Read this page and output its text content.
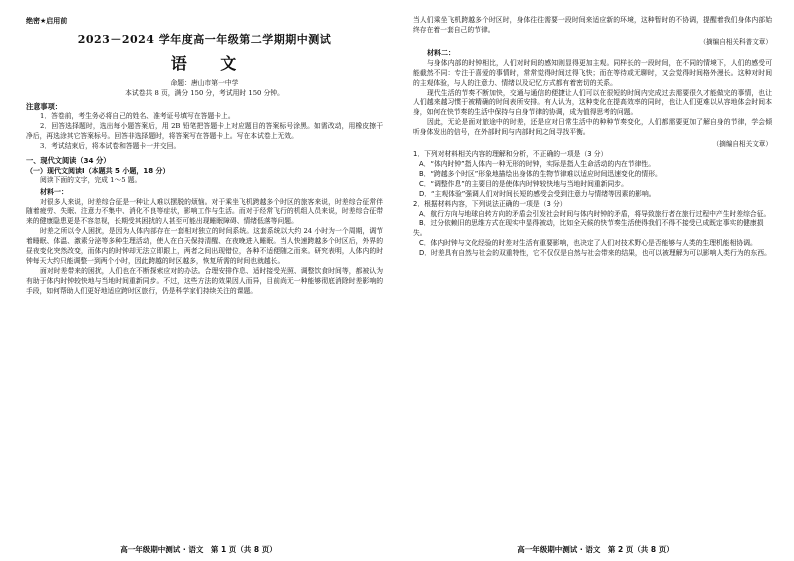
绝密★启用前
2023－2024 学年度高一年级第二学期期中测试
语 文
命题：唐山市第一中学
本试卷共 8 页，满分 150 分，考试用时 150 分钟。
注意事项：

1．答卷前，考生务必将自己的姓名、准考证号填写在答题卡上。

2．回答选择题时，选出每小题答案后，用 2B 铅笔把答题卡上对应题目的答案标号涂黑。如需改动，用橡皮擦干净后，再选涂其它答案标号。回答非选择题时，将答案写在答题卡上。写在本试卷上无效。

3．考试结束后，将本试卷和答题卡一并交回。

一、现代文阅读（34 分）
（一）现代文阅读Ⅰ（本题共 5 小题，18 分）

阅读下面的文字，完成 1～5 题。

材料一：

对很多人来说，时差综合征是一种让人难以摆脱的烦恼。对于乘坐飞机跨越多个时区的旅客来说，时差综合征常伴随着疲劳、失眠、注意力不集中、消化不良等症状，影响工作与生活。而对于经常飞行的机组人员来说，时差综合征带来的健康隐患更是不容忽视，长期受其困扰的人甚至可能出现睡眠障碍、情绪低落等问题。

时差之所以令人困扰，是因为人体内部存在一套相对独立的时间系统。这套系统以大约 24 小时为一个周期，调节着睡眠、体温、激素分泌等多种生理活动，使人在白天保持清醒、在夜晚进入睡眠。当人快速跨越多个时区后，外界的昼夜变化突然改变，而体内的时钟却无法立即跟上，两者之间出现错位，各种不适便随之而来。研究表明，人体内的时钟每天大约只能调整一到两个小时，因此跨越的时区越多，恢复所需的时间也就越长。

面对时差带来的困扰，人们也在不断探索应对的办法。合理安排作息、适时接受光照、调整饮食时间等，都被认为有助于体内时钟较快地与当地时间重新同步。不过，这些方法的效果因人而异，目前尚无一种能够彻底消除时差影响的手段，如何帮助人们更好地适应跨时区旅行，仍是科学家们持续关注的课题。

高一年级期中测试 · 语文　第 1 页（共 8 页）

当人们乘坐飞机跨越多个时区时，身体往往需要一段时间来适应新的环境，这种暂时的不协调，提醒着我们身体内部始终存在着一套自己的节律。

（摘编自相关科普文章）
材料二：

与身体内部的时钟相比，人们对时间的感知则显得更加主观。同样长的一段时间，在不同的情境下，人们的感受可能截然不同：专注于喜爱的事情时，常常觉得时间过得飞快；而在等待或无聊时，又会觉得时间格外漫长。这种对时间的主观体验，与人的注意力、情绪以及记忆方式都有着密切的关系。

现代生活的节奏不断加快，交通与通信的便捷让人们可以在很短的时间内完成过去需要很久才能做完的事情，也让人们越来越习惯于被精确的时间表所安排。有人认为，这种变化在提高效率的同时，也让人们更难以从容地体会时间本身，如何在快节奏的生活中保持与自身节律的协调，成为值得思考的问题。

因此，无论是面对旅途中的时差，还是应对日常生活中的种种节奏变化，人们都需要更加了解自身的节律，学会倾听身体发出的信号，在外部时间与内部时间之间寻找平衡。

（摘编自相关文章）

1．下列对材料相关内容的理解和分析，不正确的一项是（3 分）

A．“体内时钟”指人体内一种无形的时钟，实际是指人生命活动的内在节律性。

B．“跨越多个时区”形象地描绘出身体的生物节律难以适应时间迅速变化的情形。

C．“调整作息”的主要目的是使体内时钟较快地与当地时间重新同步。

D．“主观体验”强调人们对时间长短的感受会受到注意力与情绪等因素的影响。

2．根据材料内容，下列说法正确的一项是（3 分）

A．航行方向与地球自转方向的矛盾会引发社会时间与体内时钟的矛盾，将导致旅行者在旅行过程中产生时差综合征。

B．过分依赖旧的思维方式在现实中显得被动，比如全天候的快节奏生活使得我们不得不接受已成既定事实的健康损失。

C．体内时钟与文化经验的时差对生活有重要影响，也决定了人们对技术野心是否能够与人类的生理机能相协调。

D．时差具有自然与社会的双重特性，它不仅仅是自然与社会带来的结果，也可以被理解为可以影响人类行为的东西。

高一年级期中测试 · 语文　第 2 页（共 8 页）
